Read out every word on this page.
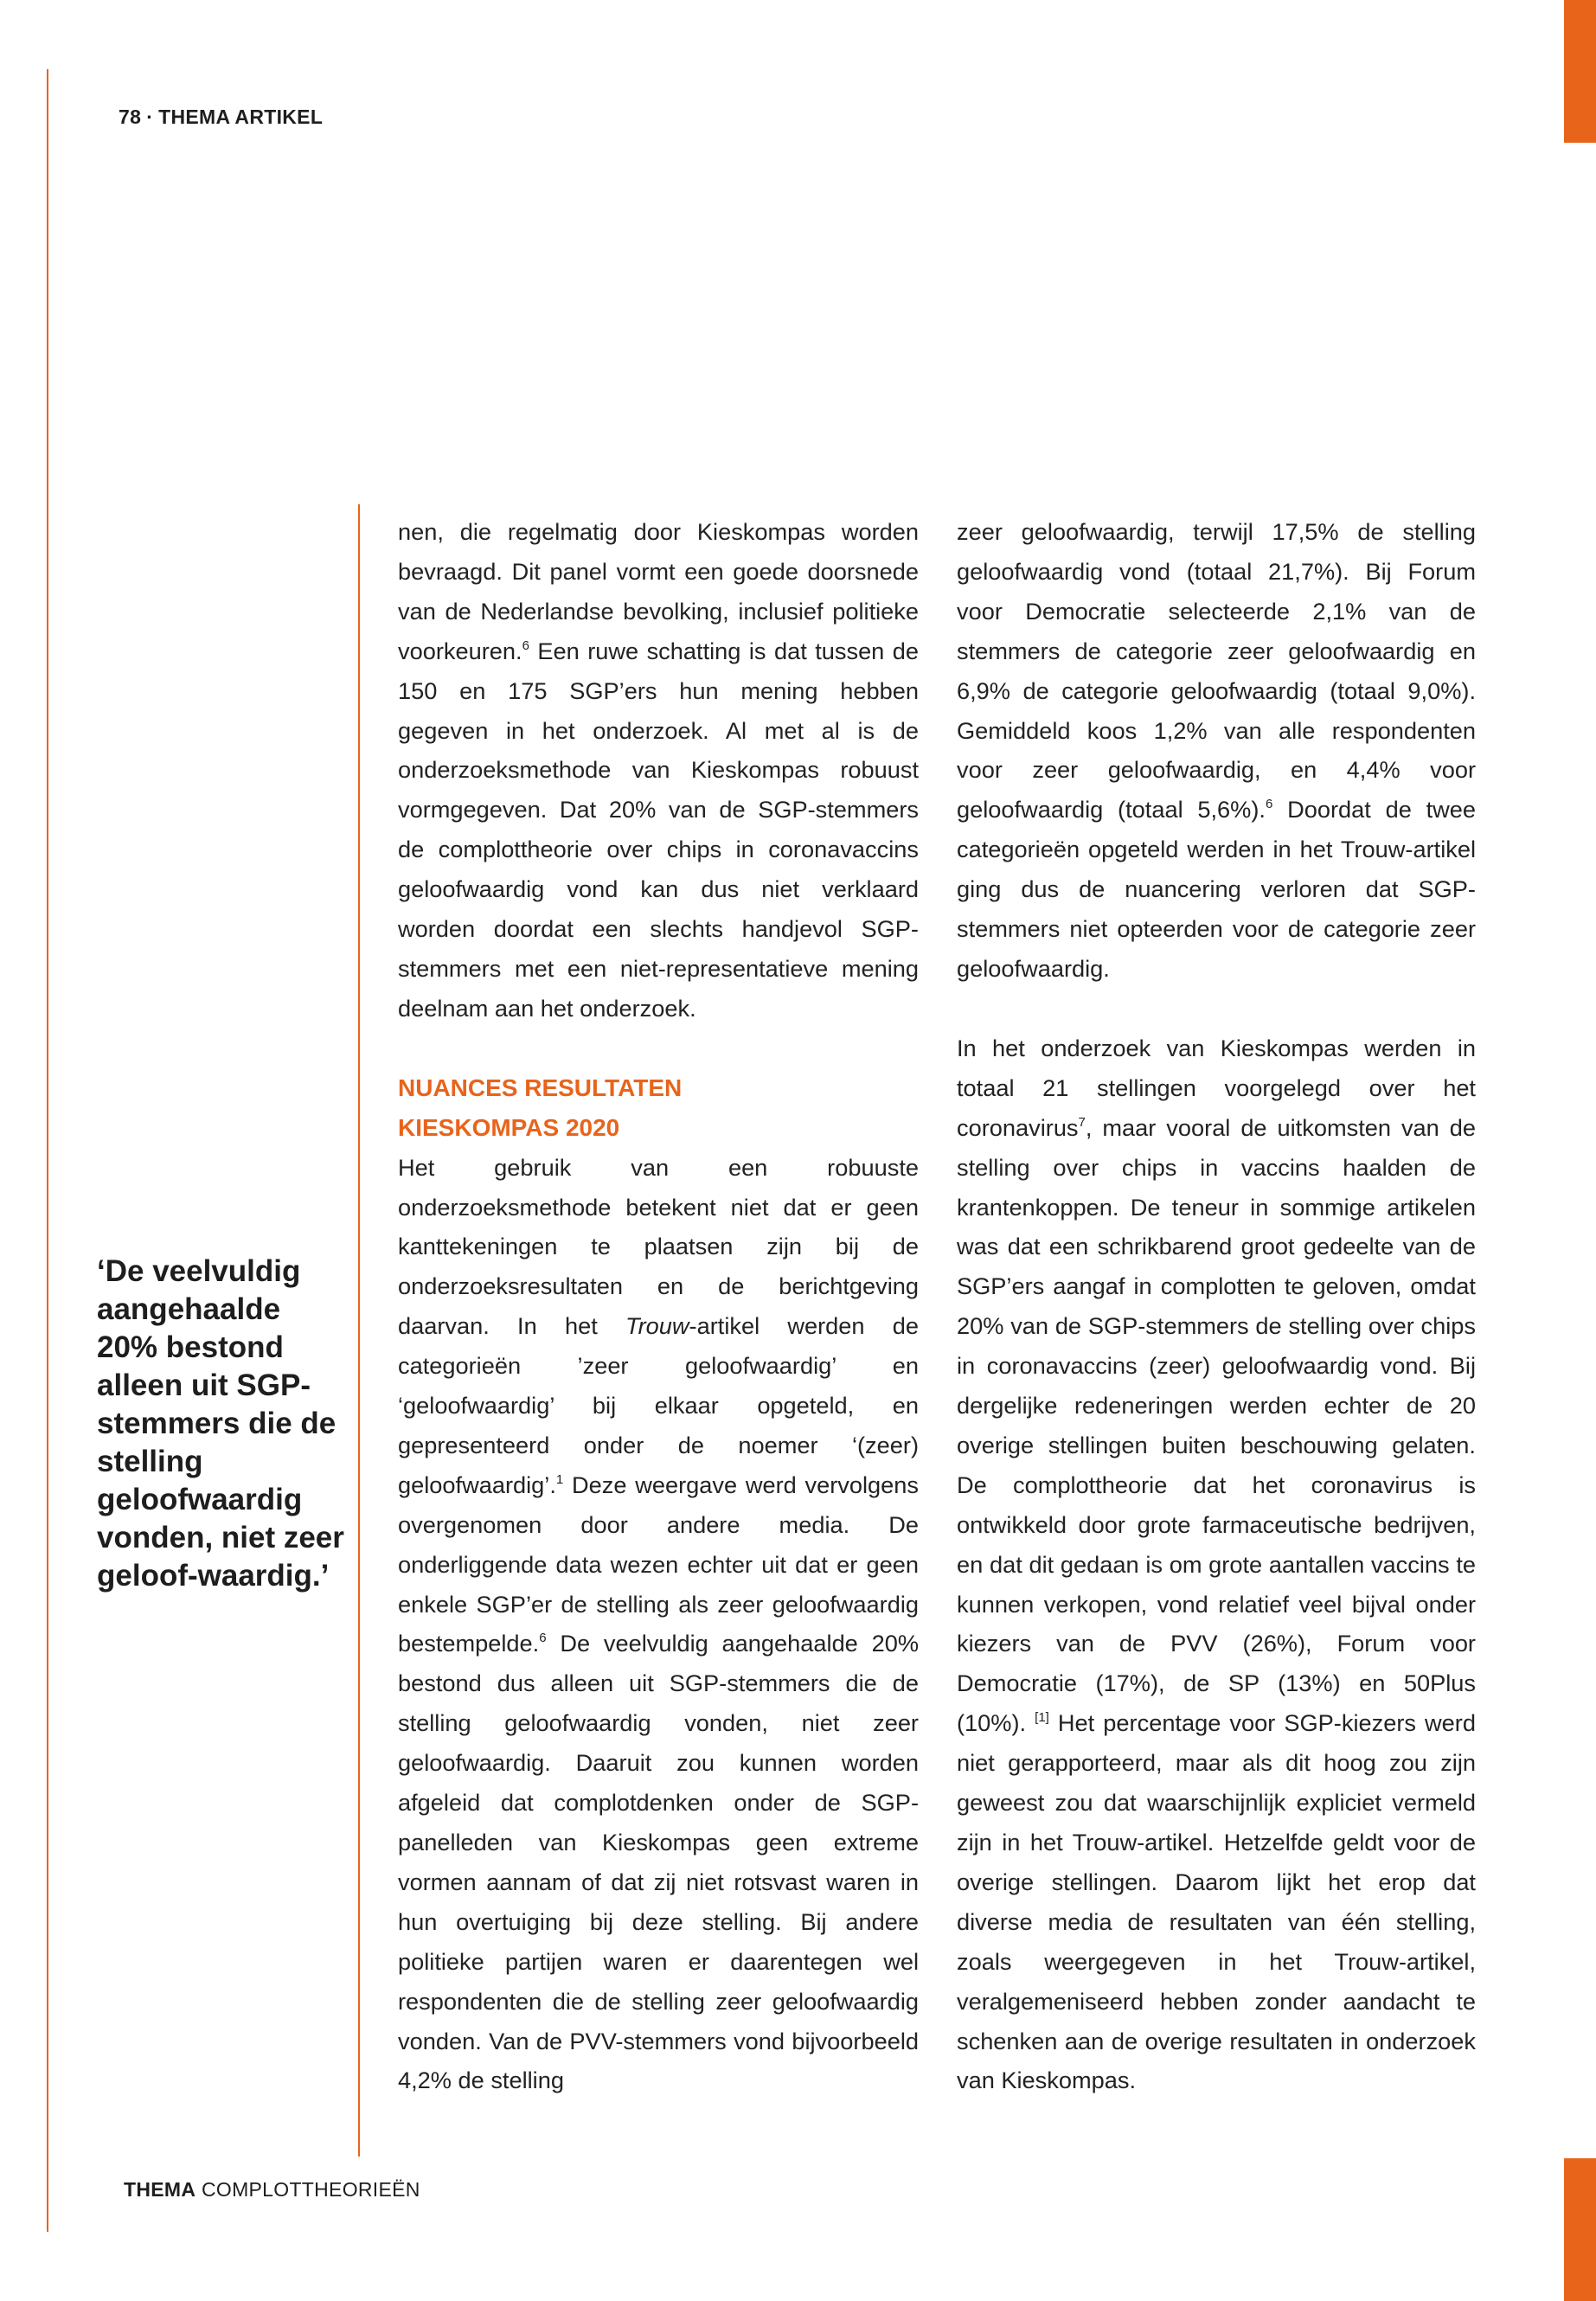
78 · THEMA ARTIKEL
‘De veelvuldig aangehaalde 20% bestond alleen uit SGP-stemmers die de stelling geloofwaardig vonden, niet zeer geloof-waardig.’

nen, die regelmatig door Kieskompas worden bevraagd. Dit panel vormt een goede doorsnede van de Nederlandse bevolking, inclusief politieke voorkeuren.$^6$ Een ruwe schatting is dat tussen de 150 en 175 SGP’ers hun mening hebben gegeven in het onderzoek. Al met al is de onderzoeksmethode van Kieskompas robuust vormgegeven. Dat 20% van de SGP-stemmers de complottheorie over chips in coronavaccins geloofwaardig vond kan dus niet verklaard worden doordat een slechts handjevol SGP-stemmers met een niet-representatieve mening deelnam aan het onderzoek.

NUANCES RESULTATEN
KIESKOMPAS 2020

Het gebruik van een robuuste onderzoeksmethode betekent niet dat er geen kanttekeningen te plaatsen zijn bij de onderzoeksresultaten en de berichtgeving daarvan. In het Trouw-artikel werden de categorieën ’zeer geloofwaardig’ en ‘geloofwaardig’ bij elkaar opgeteld, en gepresenteerd onder de noemer ‘(zeer) geloofwaardig’.$^1$ Deze weergave werd vervolgens overgenomen door andere media. De onderliggende data wezen echter uit dat er geen enkele SGP’er de stelling als zeer geloofwaardig bestempelde.$^6$ De veelvuldig aangehaalde 20% bestond dus alleen uit SGP-stemmers die de stelling geloofwaardig vonden, niet zeer geloofwaardig. Daaruit zou kunnen worden afgeleid dat complotdenken onder de SGP-panelleden van Kieskompas geen extreme vormen aannam of dat zij niet rotsvast waren in hun overtuiging bij deze stelling. Bij andere politieke partijen waren er daarentegen wel respondenten die de stelling zeer geloofwaardig vonden. Van de PVV-stemmers vond bijvoorbeeld 4,2% de stelling

zeer geloofwaardig, terwijl 17,5% de stelling geloofwaardig vond (totaal 21,7%). Bij Forum voor Democratie selecteerde 2,1% van de stemmers de categorie zeer geloofwaardig en 6,9% de categorie geloofwaardig (totaal 9,0%). Gemiddeld koos 1,2% van alle respondenten voor zeer geloofwaardig, en 4,4% voor geloofwaardig (totaal 5,6%).$^6$ Doordat de twee categorieën opgeteld werden in het Trouw-artikel ging dus de nuancering verloren dat SGP-stemmers niet opteerden voor de categorie zeer geloofwaardig.

In het onderzoek van Kieskompas werden in totaal 21 stellingen voorgelegd over het coronavirus$^7$, maar vooral de uitkomsten van de stelling over chips in vaccins haalden de krantenkoppen. De teneur in sommige artikelen was dat een schrikbarend groot gedeelte van de SGP’ers aangaf in complotten te geloven, omdat 20% van de SGP-stemmers de stelling over chips in coronavaccins (zeer) geloofwaardig vond. Bij dergelijke redeneringen werden echter de 20 overige stellingen buiten beschouwing gelaten. De complottheorie dat het coronavirus is ontwikkeld door grote farmaceutische bedrijven, en dat dit gedaan is om grote aantallen vaccins te kunnen verkopen, vond relatief veel bijval onder kiezers van de PVV (26%), Forum voor Democratie (17%), de SP (13%) en 50Plus (10%). [1] Het percentage voor SGP-kiezers werd niet gerapporteerd, maar als dit hoog zou zijn geweest zou dat waarschijnlijk expliciet vermeld zijn in het Trouw-artikel. Hetzelfde geldt voor de overige stellingen. Daarom lijkt het erop dat diverse media de resultaten van één stelling, zoals weergegeven in het Trouw-artikel, veralgemeniseerd hebben zonder aandacht te schenken aan de overige resultaten in onderzoek van Kieskompas.

THEMA COMPLOTTHEORIEËN
